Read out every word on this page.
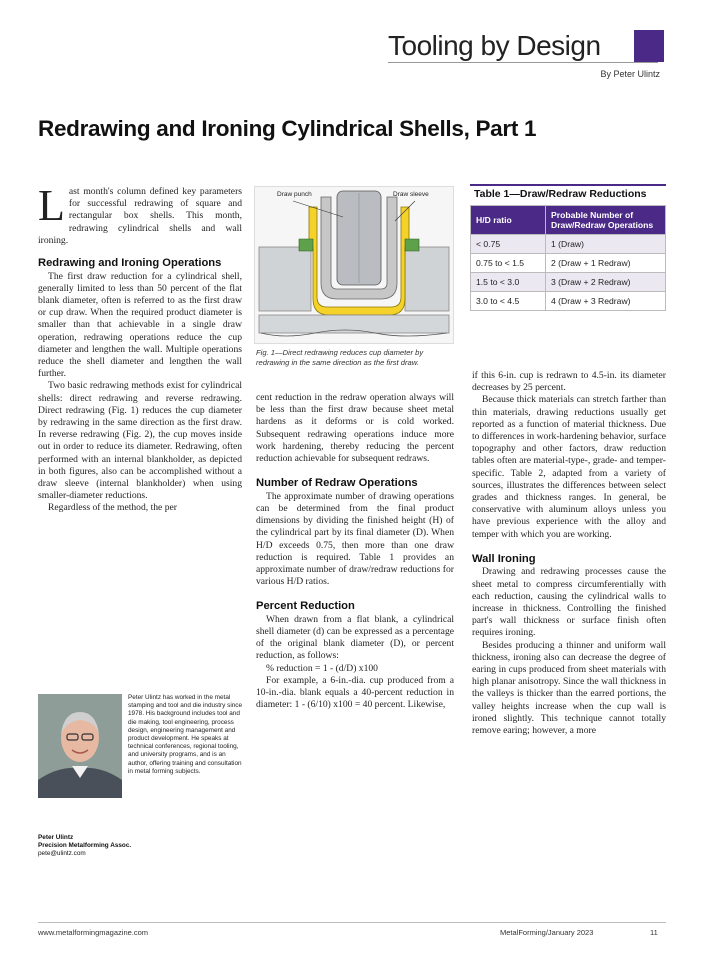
Tooling by Design
By Peter Ulintz
Redrawing and Ironing Cylindrical Shells, Part 1

Last month's column defined key parameters for successful redrawing of square and rectangular box shells. This month, redrawing cylindrical shells and wall ironing.

Redrawing and Ironing Operations

The first draw reduction for a cylindrical shell, generally limited to less than 50 percent of the flat blank diameter, often is referred to as the first draw or cup draw. When the required product diameter is smaller than that achievable in a single draw operation, redrawing operations reduce the cup diameter and lengthen the wall. Multiple operations reduce the shell diameter and lengthen the wall further.

Two basic redrawing methods exist for cylindrical shells: direct redrawing and reverse redrawing. Direct redrawing (Fig. 1) reduces the cup diameter by redrawing in the same direction as the first draw. In reverse redrawing (Fig. 2), the cup moves inside out in order to reduce its diameter. Redrawing, often performed with an internal blankholder, as depicted in both figures, also can be accomplished without a draw sleeve (internal blankholder) when using smaller-diameter reductions.

Regardless of the method, the per

Peter Ulintz has worked in the metal stamping and tool and die industry since 1978. His background includes tool and die making, tool engineering, process design, engineering management and product development. He speaks at technical conferences, regional tooling, and university programs, and is an author, offering training and consultation in metal forming subjects.
Peter Ulintz
Precision Metalforming Assoc.
pete@ulintz.com
Draw punch	Draw sleeve
Fig. 1—Direct redrawing reduces cup diameter by redrawing in the same direction as the first draw.

cent reduction in the redraw operation always will be less than the first draw because sheet metal hardens as it deforms or is cold worked. Subsequent redrawing operations induce more work hardening, thereby reducing the percent reduction achievable for subsequent redraws.

Number of Redraw Operations

The approximate number of drawing operations can be determined from the final product dimensions by dividing the finished height (H) of the cylindrical part by its final diameter (D). When H/D exceeds 0.75, then more than one draw reduction is required. Table 1 provides an approximate number of draw/redraw reductions for various H/D ratios.

Percent Reduction

When drawn from a flat blank, a cylindrical shell diameter (d) can be expressed as a percentage of the original blank diameter (D), or percent reduction, as follows:

% reduction = 1 - (d/D) x100

For example, a 6-in.-dia. cup produced from a 10-in.-dia. blank equals a 40-percent reduction in diameter: 1 - (6/10) x100 = 40 percent. Likewise,

Table 1—Draw/Redraw Reductions
H/D ratio	Probable Number of Draw/Redraw Operations
< 0.75	1 (Draw)
0.75 to < 1.5	2 (Draw + 1 Redraw)
1.5 to < 3.0	3 (Draw + 2 Redraw)
3.0 to < 4.5	4 (Draw + 3 Redraw)

if this 6-in. cup is redrawn to 4.5-in. its diameter decreases by 25 percent.

Because thick materials can stretch farther than thin materials, drawing reductions usually get reported as a function of material thickness. Due to differences in work-hardening behavior, surface topography and other factors, draw reduction tables often are material-type-, grade- and temper-specific. Table 2, adapted from a variety of sources, illustrates the differences between select grades and thickness ranges. In general, be conservative with aluminum alloys unless you have previous experience with the alloy and temper with which you are working.

Wall Ironing

Drawing and redrawing processes cause the sheet metal to compress circumferentially with each reduction, causing the cylindrical walls to increase in thickness. Controlling the finished part's wall thickness or surface finish often requires ironing.

Besides producing a thinner and uniform wall thickness, ironing also can decrease the degree of earing in cups produced from sheet materials with high planar anisotropy. Since the wall thickness in the valleys is thicker than the earred portions, the valley heights increase when the cup wall is ironed slightly. This technique cannot totally remove earing; however, a more

www.metalformingmagazine.com	MetalForming/January 2023	11
